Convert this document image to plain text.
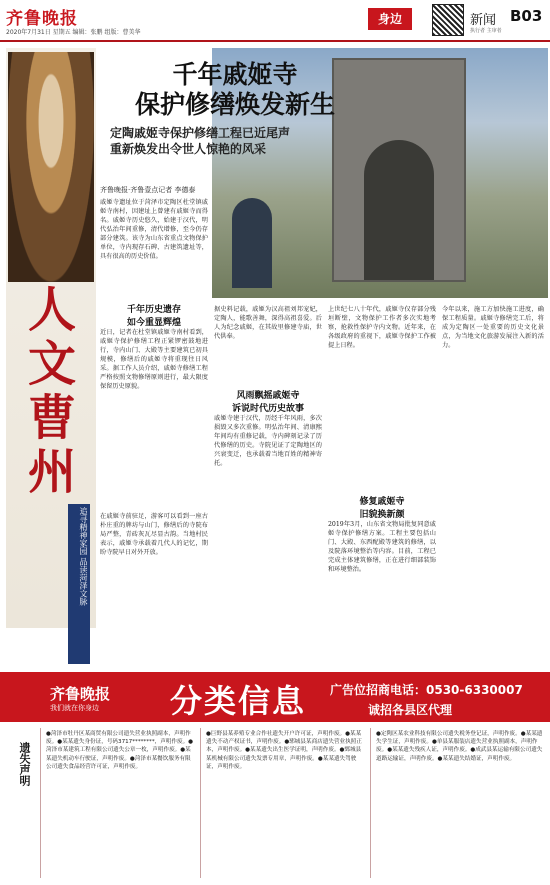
齐鲁晚报
2020年7月31日 星期五 编辑：张鹏 组版：曹美华
身边	新闻 B03
执行者 主审者
人
文
曹
州
追寻精神家园 品读菏泽文脉
千年戚姬寺
保护修缮焕发新生
定陶戚姬寺保护修缮工程已近尾声
重新焕发出令世人惊艳的风采
齐鲁晚报·齐鲁壹点记者 李德泰
戚姬寺遗址位于菏泽市定陶区杜堂镇戚姬寺南村，因建址上曾建有戚姬寺而得名。戚姬寺历史悠久，始建于汉代，明代弘治年间重修，清代增修，至今仍存部分建筑。该寺为山东省重点文物保护单位，寺内现存石碑、古建筑遗址等，具有很高的历史价值。
千年历史遗存
如今重显辉煌
近日，记者在杜堂镇戚姬寺南村看到，戚姬寺保护修缮工程正紧锣密鼓地进行，寺内山门、大殿等主要建筑已初具规模，修缮后的戚姬寺将重现往日风采。据工作人员介绍，戚姬寺修缮工程严格按照文物修缮原则进行，最大限度保留历史原貌。
在戚姬寺前驻足，游客可以看到一座古朴庄重的牌坊与山门，修缮后的寺院布局严整，青砖灰瓦尽显古韵。当地村民表示，戚姬寺承载着几代人的记忆，期盼寺院早日对外开放。
据史料记载，戚姬为汉高祖刘邦宠妃，定陶人，能歌善舞，深得高祖喜爱。后人为纪念戚姬，在其故里修建寺庙，世代供奉。
风雨飘摇戚姬寺
诉说时代历史故事
戚姬寺建于汉代，历经千年风雨，多次损毁又多次重修。明弘治年间、清康熙年间均有重修记载，寺内碑刻记录了历代修缮的历史。寺院见证了定陶地区的兴衰变迁，也承载着当地百姓的精神寄托。
上世纪七八十年代，戚姬寺仅存部分残垣断壁，文物保护工作者多次实地考察，抢救性保护寺内文物。近年来，在各级政府的重视下，戚姬寺保护工作被提上日程。
修复戚姬寺
旧貌换新颜
2019年3月，山东省文物局批复同意戚姬寺保护修缮方案。工程主要包括山门、大殿、东西配殿等建筑的修缮，以及院落环境整治等内容。目前，工程已完成主体建筑修缮，正在进行细部装饰和环境整治。
今年以来，施工方加快施工进度，确保工程质量。戚姬寺修缮完工后，将成为定陶区一处重要的历史文化景点，为当地文化旅游发展注入新的活力。
齐鲁晚报
我们就在你身边 分类信息 广告位招商电话：0530-6330007
诚招各县区代理
遗失声明
●菏泽市牡丹区某商贸有限公司遗失营业执照副本，声明作废。●某某遗失身份证，号码3717********，声明作废。●菏泽市某建筑工程有限公司遗失公章一枚，声明作废。●某某遗失机动车行驶证，声明作废。●菏泽市某餐饮服务有限公司遗失食品经营许可证，声明作废。
●巨野县某养殖专业合作社遗失开户许可证，声明作废。●某某遗失不动产权证书，声明作废。●郓城县某商店遗失营业执照正本，声明作废。●某某遗失出生医学证明，声明作废。●鄄城县某机械有限公司遗失发票专用章，声明作废。●某某遗失驾驶证，声明作废。
●定陶区某农业科技有限公司遗失税务登记证，声明作废。●某某遗失学生证，声明作废。●单县某服装店遗失营业执照副本，声明作废。●某某遗失残疾人证，声明作废。●成武县某运输有限公司遗失道路运输证，声明作废。●某某遗失结婚证，声明作废。
